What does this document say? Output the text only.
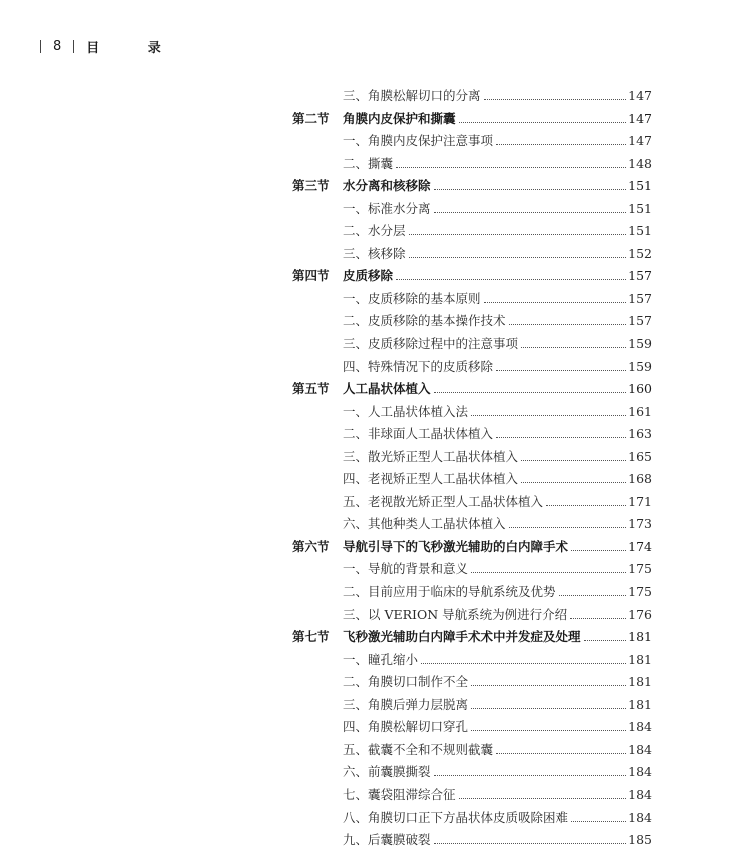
8 目 录
三、角膜松解切口的分离	147
第二节 角膜内皮保护和撕囊	147
一、角膜内皮保护注意事项	147
二、撕囊	148
第三节 水分离和核移除	151
一、标准水分离	151
二、水分层	151
三、核移除	152
第四节 皮质移除	157
一、皮质移除的基本原则	157
二、皮质移除的基本操作技术	157
三、皮质移除过程中的注意事项	159
四、特殊情况下的皮质移除	159
第五节 人工晶状体植入	160
一、人工晶状体植入法	161
二、非球面人工晶状体植入	163
三、散光矫正型人工晶状体植入	165
四、老视矫正型人工晶状体植入	168
五、老视散光矫正型人工晶状体植入	171
六、其他种类人工晶状体植入	173
第六节 导航引导下的飞秒激光辅助的白内障手术	174
一、导航的背景和意义	175
二、目前应用于临床的导航系统及优势	175
三、以 VERION 导航系统为例进行介绍	176
第七节 飞秒激光辅助白内障手术术中并发症及处理	181
一、瞳孔缩小	181
二、角膜切口制作不全	181
三、角膜后弹力层脱离	181
四、角膜松解切口穿孔	184
五、截囊不全和不规则截囊	184
六、前囊膜撕裂	184
七、囊袋阻滞综合征	184
八、角膜切口正下方晶状体皮质吸除困难	184
九、后囊膜破裂	185
